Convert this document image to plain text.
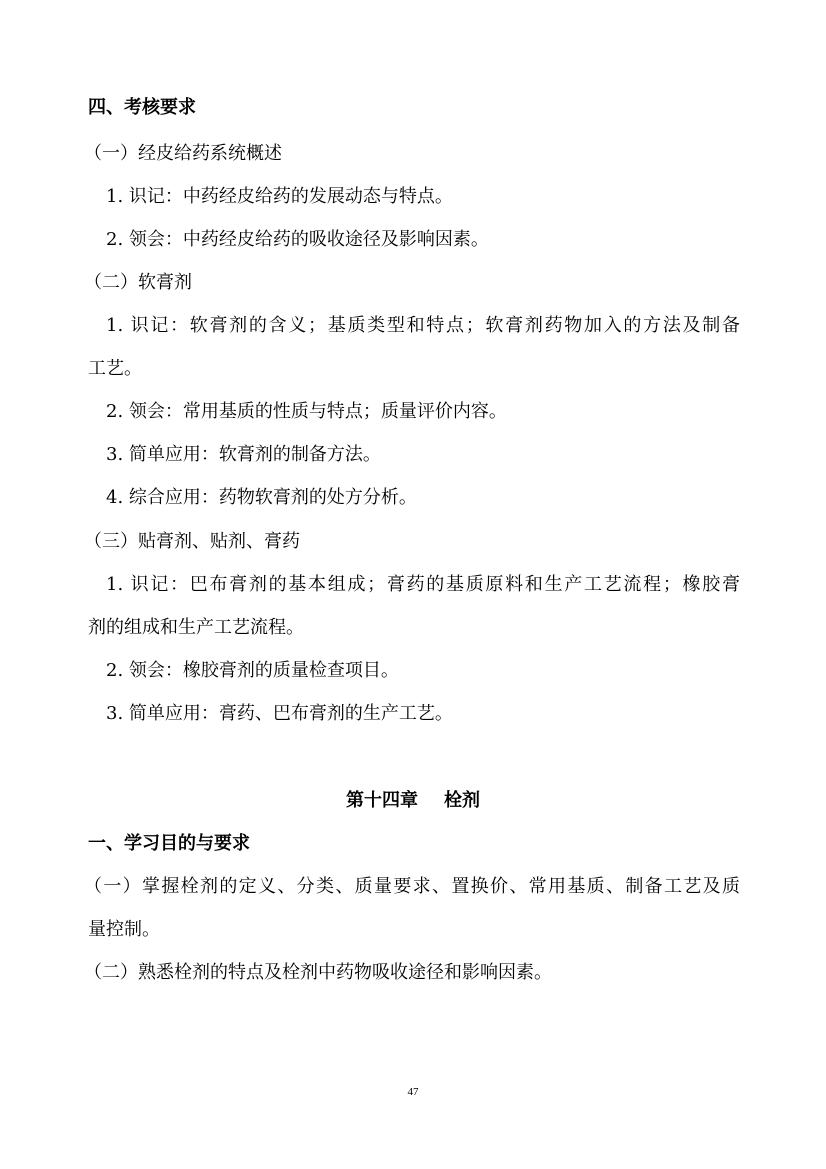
四、考核要求
（一）经皮给药系统概述
1. 识记：中药经皮给药的发展动态与特点。
2. 领会：中药经皮给药的吸收途径及影响因素。
（二）软膏剂
1. 识记：软膏剂的含义；基质类型和特点；软膏剂药物加入的方法及制备
工艺。
2. 领会：常用基质的性质与特点；质量评价内容。
3. 简单应用：软膏剂的制备方法。
4. 综合应用：药物软膏剂的处方分析。
（三）贴膏剂、贴剂、膏药
1. 识记：巴布膏剂的基本组成；膏药的基质原料和生产工艺流程；橡胶膏
剂的组成和生产工艺流程。
2. 领会：橡胶膏剂的质量检查项目。
3. 简单应用：膏药、巴布膏剂的生产工艺。
第十四章 栓剂
一、学习目的与要求
（一）掌握栓剂的定义、分类、质量要求、置换价、常用基质、制备工艺及质
量控制。
（二）熟悉栓剂的特点及栓剂中药物吸收途径和影响因素。
47
